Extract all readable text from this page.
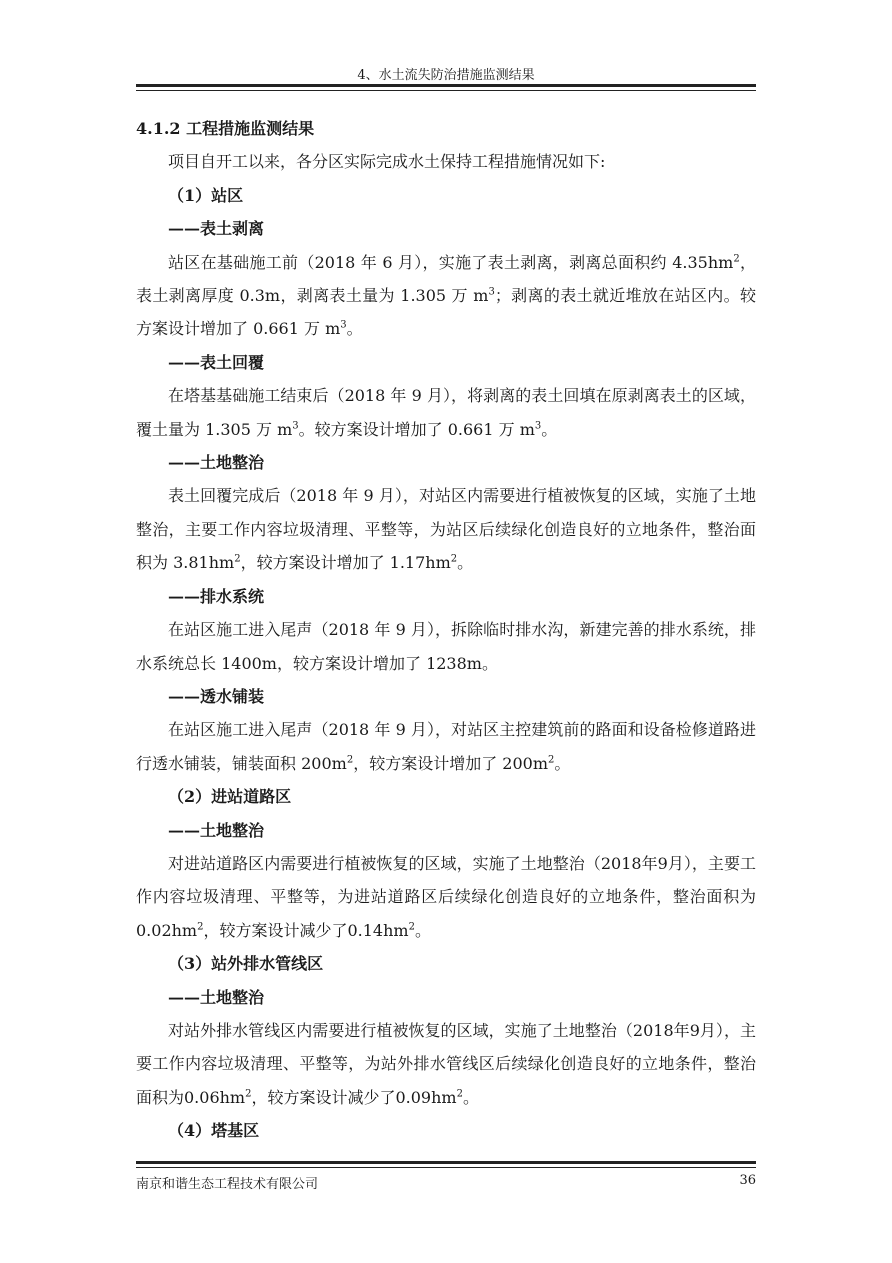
4、水土流失防治措施监测结果

4.1.2 工程措施监测结果

项目自开工以来，各分区实际完成水土保持工程措施情况如下:

（1）站区

——表土剥离

站区在基础施工前（2018 年 6 月），实施了表土剥离，剥离总面积约 $4.35hm^2$，表土剥离厚度 0.3m，剥离表土量为 1.305 万 $m^3$；剥离的表土就近堆放在站区内。较方案设计增加了 0.661 万 $m^3$。

——表土回覆

在塔基基础施工结束后（2018 年 9 月），将剥离的表土回填在原剥离表土的区域，覆土量为 1.305 万 $m^3$。较方案设计增加了 0.661 万 $m^3$。

——土地整治

表土回覆完成后（2018 年 9 月），对站区内需要进行植被恢复的区域，实施了土地整治，主要工作内容垃圾清理、平整等，为站区后续绿化创造良好的立地条件，整治面积为 $3.81hm^2$，较方案设计增加了 $1.17hm^2$。

——排水系统

在站区施工进入尾声（2018 年 9 月），拆除临时排水沟，新建完善的排水系统，排水系统总长 1400m，较方案设计增加了 1238m。

——透水铺装

在站区施工进入尾声（2018 年 9 月），对站区主控建筑前的路面和设备检修道路进行透水铺装，铺装面积 $200m^2$，较方案设计增加了 $200m^2$。

（2）进站道路区

——土地整治

对进站道路区内需要进行植被恢复的区域，实施了土地整治（2018年9月），主要工作内容垃圾清理、平整等，为进站道路区后续绿化创造良好的立地条件，整治面积为$0.02hm^2$，较方案设计减少了$0.14hm^2$。

（3）站外排水管线区

——土地整治

对站外排水管线区内需要进行植被恢复的区域，实施了土地整治（2018年9月），主要工作内容垃圾清理、平整等，为站外排水管线区后续绿化创造良好的立地条件，整治面积为$0.06hm^2$，较方案设计减少了$0.09hm^2$。

（4）塔基区

南京和谐生态工程技术有限公司	36
